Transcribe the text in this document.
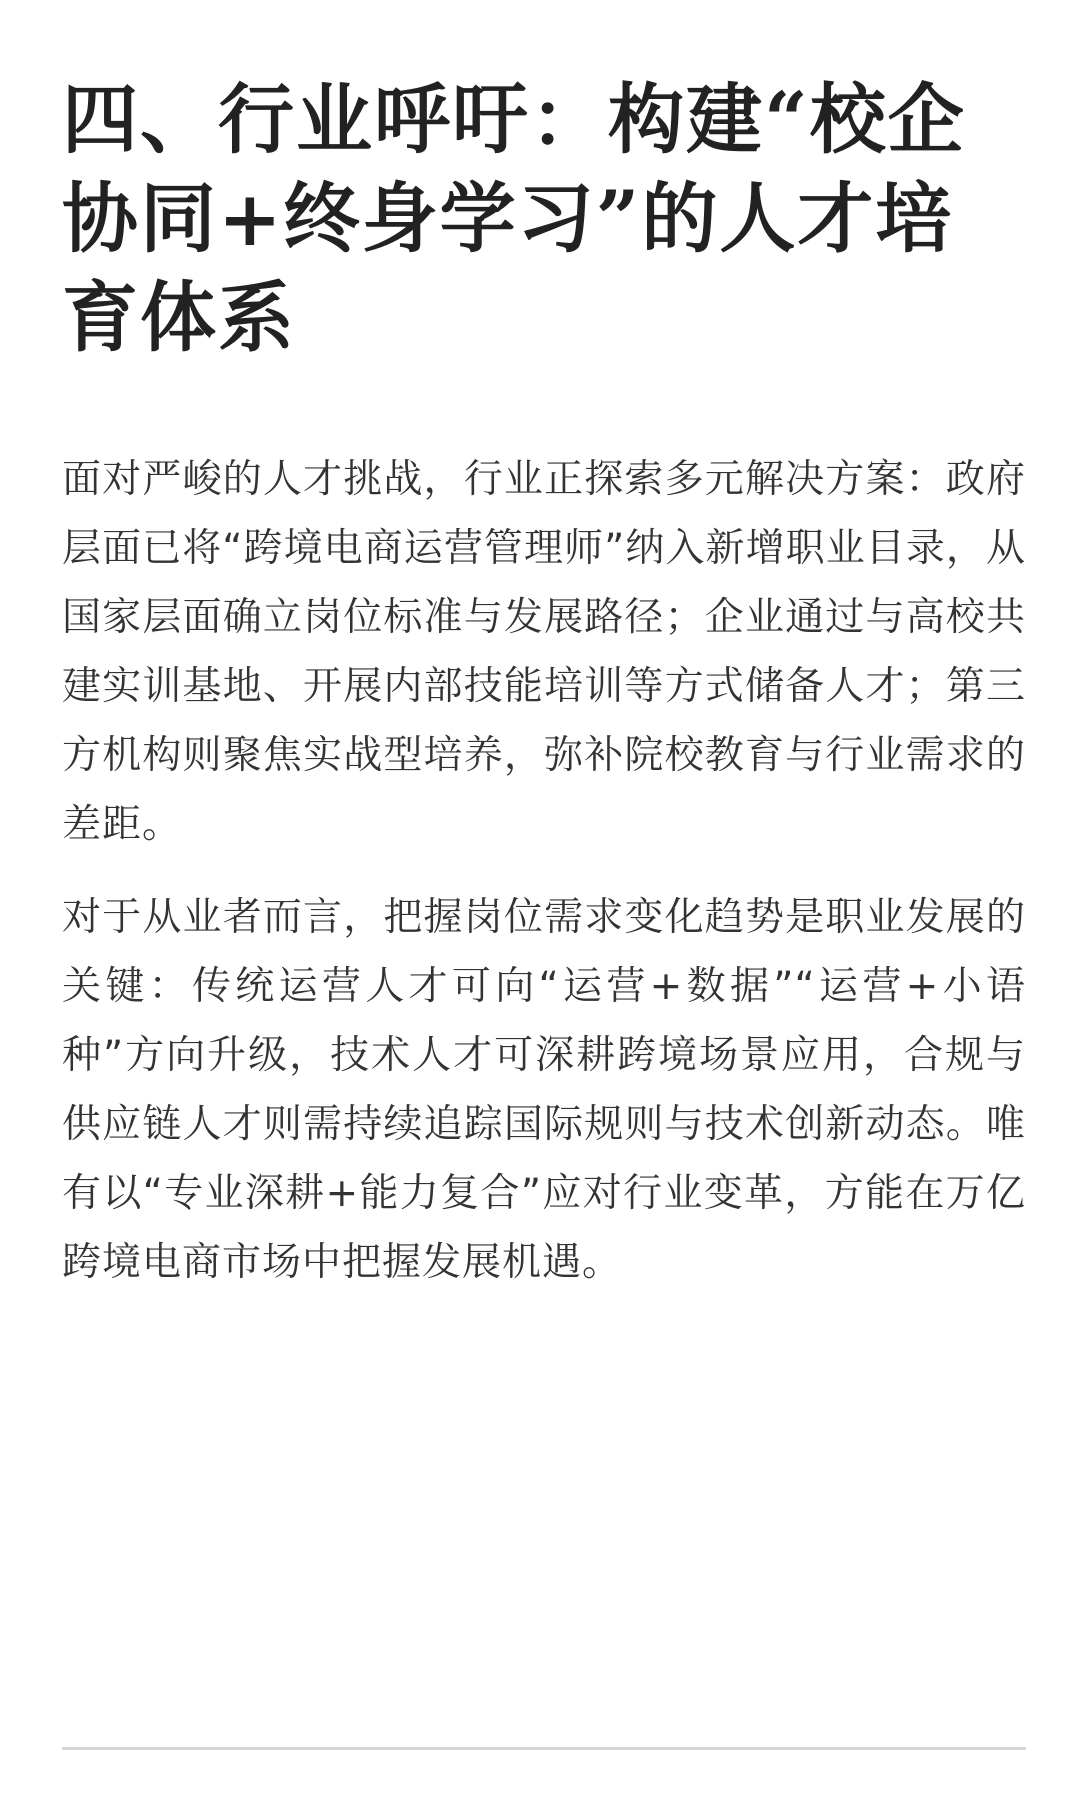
四、行业呼吁：构建“校企协同+终身学习”的人才培育体系

面对严峻的人才挑战，行业正探索多元解决方案：政府层面已将“跨境电商运营管理师”纳入新增职业目录，从国家层面确立岗位标准与发展路径；企业通过与高校共建实训基地、开展内部技能培训等方式储备人才；第三方机构则聚焦实战型培养，弥补院校教育与行业需求的差距。

对于从业者而言，把握岗位需求变化趋势是职业发展的关键：传统运营人才可向“运营+数据”“运营+小语种”方向升级，技术人才可深耕跨境场景应用，合规与供应链人才则需持续追踪国际规则与技术创新动态。唯有以“专业深耕+能力复合”应对行业变革，方能在万亿跨境电商市场中把握发展机遇。
